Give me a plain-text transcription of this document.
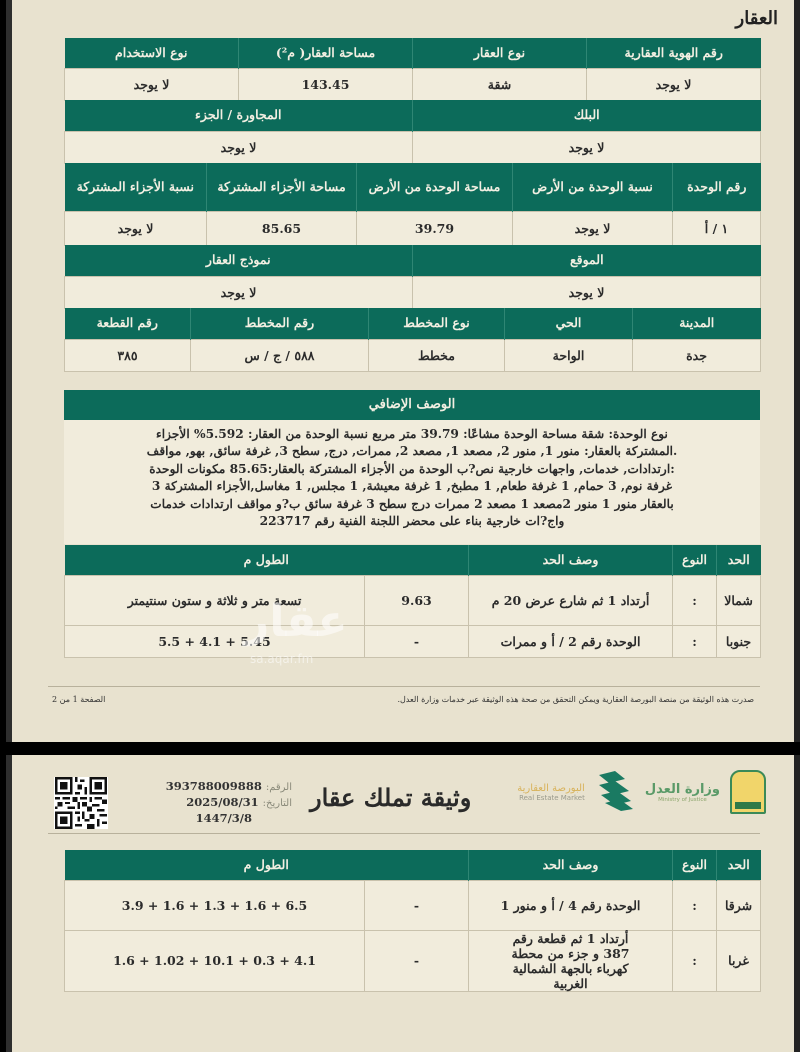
العقار
رقم الهوية العقارية	نوع العقار	مساحة العقار( م²)	نوع الاستخدام
لا يوجد	شقة	143.45	لا يوجد
البلك	المجاورة / الجزء
لا يوجد	لا يوجد
رقم الوحدة	نسبة الوحدة من الأرض	مساحة الوحدة من الأرض	مساحة الأجزاء المشتركة	نسبة الأجزاء المشتركة
١ / أ	لا يوجد	39.79	85.65	لا يوجد
الموقع	نموذج العقار
لا يوجد	لا يوجد
المدينة	الحي	نوع المخطط	رقم المخطط	رقم القطعة
جدة	الواحة	مخطط	٥٨٨ / ج / س	٣٨٥
الوصف الإضافي
نوع الوحدة: شقة مساحة الوحدة مشاعًا: 39.79 متر مربع نسبة الوحدة من العقار: 5.592% الأجزاء
.المشتركة بالعقار: منور 1, منور 2, مصعد 1, مصعد 2, ممرات, درج, سطح 3, غرفة سائق, بهو, مواقف
:ارتدادات, خدمات, واجهات خارجية نص?ب الوحدة من الأجزاء المشتركة بالعقار:85.65 مكونات الوحدة
غرفة نوم, 3 حمام, 1 غرفة طعام, 1 مطبخ, 1 غرفة معيشة, 1 مجلس, 1 مغاسل,الأجزاء المشتركة 3
بالعقار منور 1 منور 2مصعد 1 مصعد 2 ممرات درج سطح 3 غرفة سائق ب?و مواقف ارتدادات خدمات
واج?ات خارجية بناء على محضر اللجنة الفنية رقم 223717
الحد	النوع	وصف الحد	الطول م	
شمالا	:	أرتداد 1 ثم شارع عرض 20 م	9.63	تسعة متر و ثلاثة و ستون سنتيمتر
جنوبا	:	الوحدة رقم 2 / أ و ممرات	-	5.5 + 4.1 + 5.45
عقار
sa.aqar.fm
صدرت هذه الوثيقة من منصة البورصة العقارية ويمكن التحقق من صحة هذه الوثيقة عبر خدمات وزارة العدل.
الصفحة 1 من 2
البورصة العقارية
Real Estate Market
وزارة العدل
Ministry of Justice
وثيقة تملك عقار
الرقم: 393788009888
التاريخ: 2025/08/31
1447/3/8
الحد	النوع	وصف الحد	الطول م	
شرقا	:	الوحدة رقم 4 / أ و منور 1	-	3.9 + 1.6 + 1.3 + 1.6 + 6.5
غربا	:	أرتداد 1 ثم قطعة رقم 387 و جزء من محطة كهرباء بالجهة الشمالية الغربية	-	1.6 + 1.02 + 10.1 + 0.3 + 4.1
